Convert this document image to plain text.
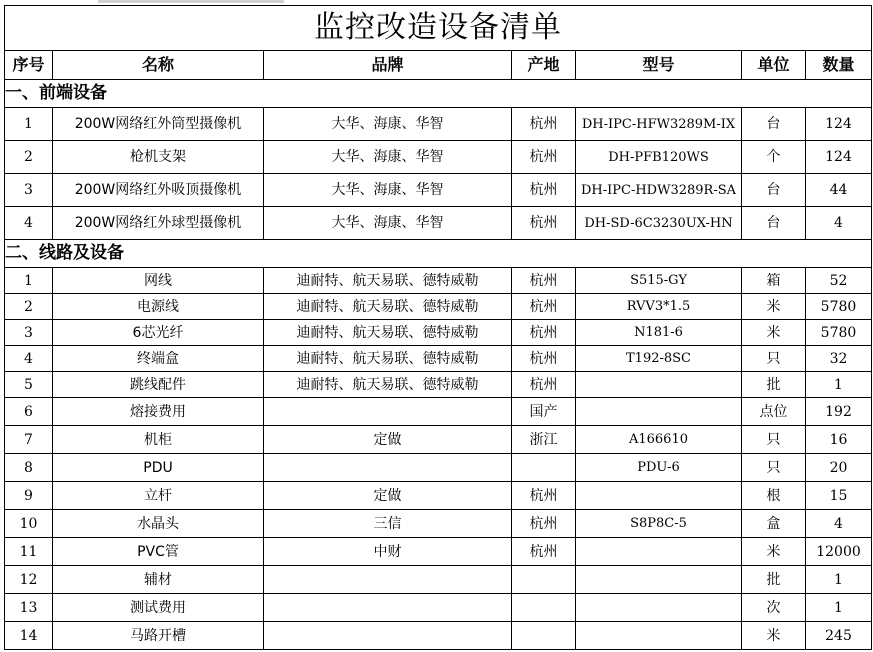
监控改造设备清单						
序号	名称	品牌	产地	型号	单位	数量
一、前端设备						
1	200W网络红外筒型摄像机	大华、海康、华智	杭州	DH-IPC-HFW3289M-IX	台	124
2	枪机支架	大华、海康、华智	杭州	DH-PFB120WS	个	124
3	200W网络红外吸顶摄像机	大华、海康、华智	杭州	DH-IPC-HDW3289R-SA	台	44
4	200W网络红外球型摄像机	大华、海康、华智	杭州	DH-SD-6C3230UX-HN	台	4
二、线路及设备						
1	网线	迪耐特、航天易联、德特威勒	杭州	S515-GY	箱	52
2	电源线	迪耐特、航天易联、德特威勒	杭州	RVV3*1.5	米	5780
3	6芯光纤	迪耐特、航天易联、德特威勒	杭州	N181-6	米	5780
4	终端盒	迪耐特、航天易联、德特威勒	杭州	T192-8SC	只	32
5	跳线配件	迪耐特、航天易联、德特威勒	杭州		批	1
6	熔接费用		国产		点位	192
7	机柜	定做	浙江	A166610	只	16
8	PDU			PDU-6	只	20
9	立杆	定做	杭州		根	15
10	水晶头	三信	杭州	S8P8C-5	盒	4
11	PVC管	中财	杭州		米	12000
12	辅材				批	1
13	测试费用				次	1
14	马路开槽				米	245
